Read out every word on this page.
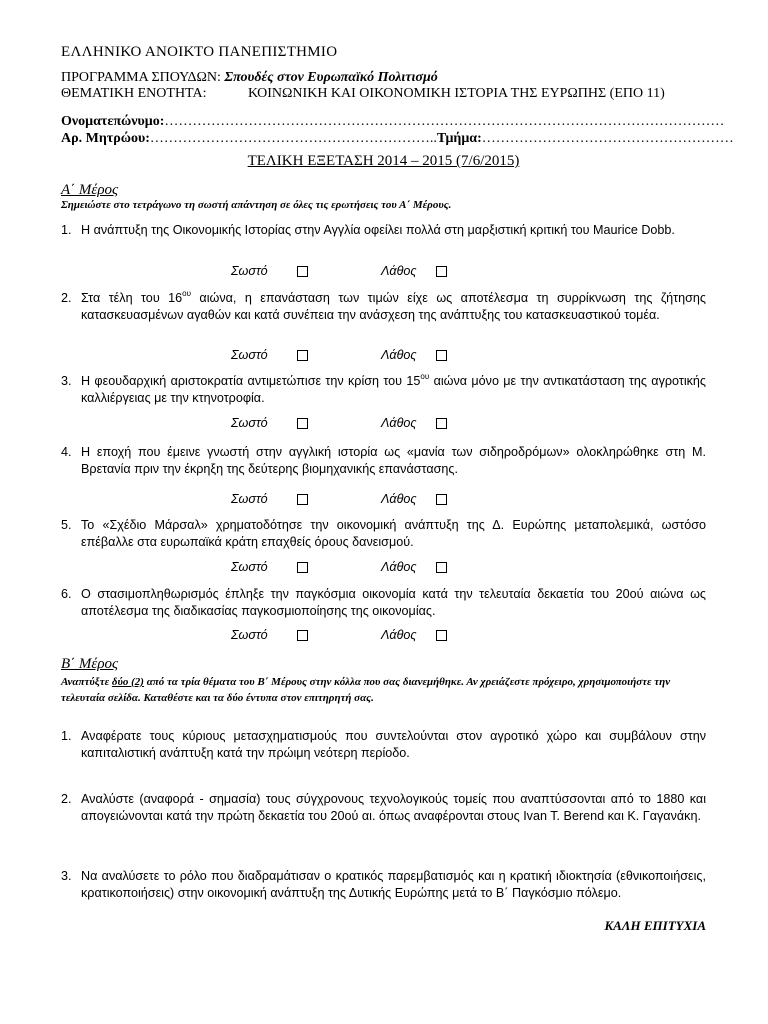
ΕΛΛΗΝΙΚΟ ΑΝΟΙΚΤΟ ΠΑΝΕΠΙΣΤΗΜΙΟ
ΠΡΟΓΡΑΜΜΑ ΣΠΟΥΔΩΝ: Σπουδές στον Ευρωπαϊκό Πολιτισμό
ΘΕΜΑΤΙΚΗ ΕΝΟΤΗΤΑ:	ΚΟΙΝΩΝΙΚΗ ΚΑΙ ΟΙΚΟΝΟΜΙΚΗ ΙΣΤΟΡΙΑ ΤΗΣ ΕΥΡΩΠΗΣ (ΕΠΟ 11)
Ονοματεπώνυμο:…………………………………………………………………………………………………………
Αρ. Μητρώου:……………………………………………………..Τμήμα:………………………………………………
ΤΕΛΙΚΗ ΕΞΕΤΑΣΗ 2014 – 2015 (7/6/2015)
Α΄ Μέρος
Σημειώστε στο τετράγωνο τη σωστή απάντηση σε όλες τις ερωτήσεις του Α΄ Μέρους.
1. Η ανάπτυξη της Οικονομικής Ιστορίας στην Αγγλία οφείλει πολλά στη μαρξιστική κριτική του Maurice Dobb.
Σωστό	Λάθος
2. Στα τέλη του $16^{o\upsilon}$ αιώνα, η επανάσταση των τιμών είχε ως αποτέλεσμα τη συρρίκνωση της ζήτησης κατασκευασμένων αγαθών και κατά συνέπεια την ανάσχεση της ανάπτυξης του κατασκευαστικού τομέα.
Σωστό	Λάθος
3. Η φεουδαρχική αριστοκρατία αντιμετώπισε την κρίση του $15^{o\upsilon}$ αιώνα μόνο με την αντικατάσταση της αγροτικής καλλιέργειας με την κτηνοτροφία.
Σωστό	Λάθος
4. Η εποχή που έμεινε γνωστή στην αγγλική ιστορία ως «μανία των σιδηροδρόμων» ολοκληρώθηκε στη Μ. Βρετανία πριν την έκρηξη της δεύτερης βιομηχανικής επανάστασης.
Σωστό	Λάθος
5. Το «Σχέδιο Μάρσαλ» χρηματοδότησε την οικονομική ανάπτυξη της Δ. Ευρώπης μεταπολεμικά, ωστόσο επέβαλλε στα ευρωπαϊκά κράτη επαχθείς όρους δανεισμού.
Σωστό	Λάθος
6. Ο στασιμοπληθωρισμός έπληξε την παγκόσμια οικονομία κατά την τελευταία δεκαετία του 20ού αιώνα ως αποτέλεσμα της διαδικασίας παγκοσμιοποίησης της οικονομίας.
Σωστό	Λάθος
Β΄ Μέρος
Αναπτύξτε δύο (2) από τα τρία θέματα του Β΄ Μέρους στην κόλλα που σας διανεμήθηκε. Αν χρειάζεστε πρόχειρο, χρησιμοποιήστε την τελευταία σελίδα. Καταθέστε και τα δύο έντυπα στον επιτηρητή σας.
1. Αναφέρατε τους κύριους μετασχηματισμούς που συντελούνται στον αγροτικό χώρο και συμβάλουν στην καπιταλιστική ανάπτυξη κατά την πρώιμη νεότερη περίοδο.
2. Αναλύστε (αναφορά - σημασία) τους σύγχρονους τεχνολογικούς τομείς που αναπτύσσονται από το 1880 και απογειώνονται κατά την πρώτη δεκαετία του 20ού αι. όπως αναφέρονται στους Ivan T. Berend και Κ. Γαγανάκη.
3. Να αναλύσετε το ρόλο που διαδραμάτισαν ο κρατικός παρεμβατισμός και η κρατική ιδιοκτησία (εθνικοποιήσεις, κρατικοποιήσεις) στην οικονομική ανάπτυξη της Δυτικής Ευρώπης μετά το Β΄ Παγκόσμιο πόλεμο.
ΚΑΛΗ ΕΠΙΤΥΧΙΑ
